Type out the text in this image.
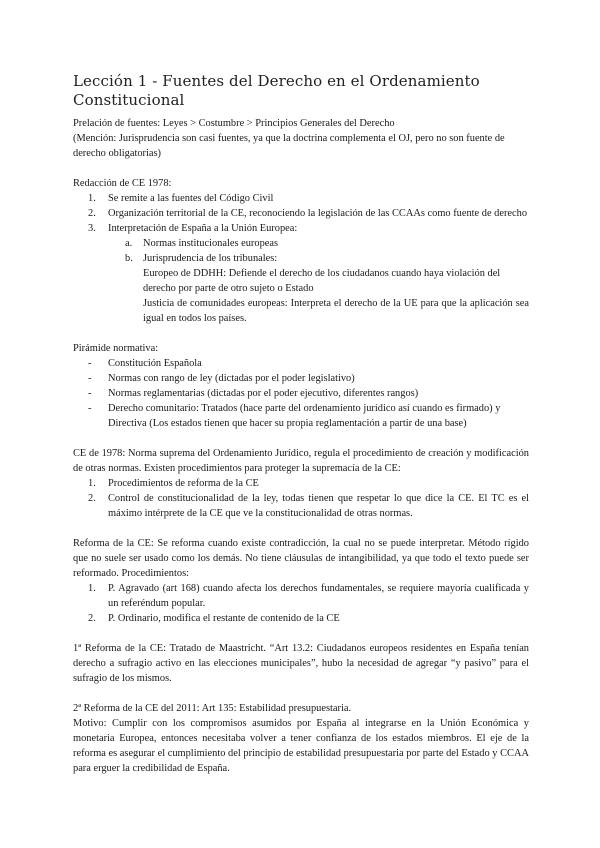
Lección 1 - Fuentes del Derecho en el Ordenamiento Constitucional

Prelación de fuentes: Leyes > Costumbre > Principios Generales del Derecho

(Mención: Jurisprudencia son casi fuentes, ya que la doctrina complementa el OJ, pero no son fuente de derecho obligatorias)

Redacción de CE 1978:

1. Se remite a las fuentes del Código Civil
2. Organización territorial de la CE, reconociendo la legislación de las CCAAs como fuente de derecho
3. Interpretación de España a la Unión Europea:
a. Normas institucionales europeas
b. Jurisprudencia de los tribunales:

Europeo de DDHH: Defiende el derecho de los ciudadanos cuando haya violación del derecho por parte de otro sujeto o Estado

Justicia de comunidades europeas: Interpreta el derecho de la UE para que la aplicación sea igual en todos los países.

Pirámide normativa:

- Constitución Española
- Normas con rango de ley (dictadas por el poder legislativo)
- Normas reglamentarias (dictadas por el poder ejecutivo, diferentes rangos)
- Derecho comunitario: Tratados (hace parte del ordenamiento jurídico así cuando es firmado) y Directiva (Los estados tienen que hacer su propia reglamentación a partir de una base)

CE de 1978: Norma suprema del Ordenamiento Jurídico, regula el procedimiento de creación y modificación de otras normas. Existen procedimientos para proteger la supremacía de la CE:

1. Procedimientos de reforma de la CE
2. Control de constitucionalidad de la ley, todas tienen que respetar lo que dice la CE. El TC es el máximo intérprete de la CE que ve la constitucionalidad de otras normas.

Reforma de la CE: Se reforma cuando existe contradicción, la cual no se puede interpretar. Método rígido que no suele ser usado como los demás. No tiene cláusulas de intangibilidad, ya que todo el texto puede ser reformado. Procedimientos:

1. P. Agravado (art 168) cuando afecta los derechos fundamentales, se requiere mayoría cualificada y un referéndum popular.
2. P. Ordinario, modifica el restante de contenido de la CE

1ª Reforma de la CE: Tratado de Maastricht. “Art 13.2: Ciudadanos europeos residentes en España tenían derecho a sufragio activo en las elecciones municipales”, hubo la necesidad de agregar “y pasivo” para el sufragio de los mismos.

2ª Reforma de la CE del 2011: Art 135: Estabilidad presupuestaria.

Motivo: Cumplir con los compromisos asumidos por España al integrarse en la Unión Económica y monetaria Europea, entonces necesitaba volver a tener confianza de los estados miembros. El eje de la reforma es asegurar el cumplimiento del principio de estabilidad presupuestaria por parte del Estado y CCAA para erguer la credibilidad de España.
